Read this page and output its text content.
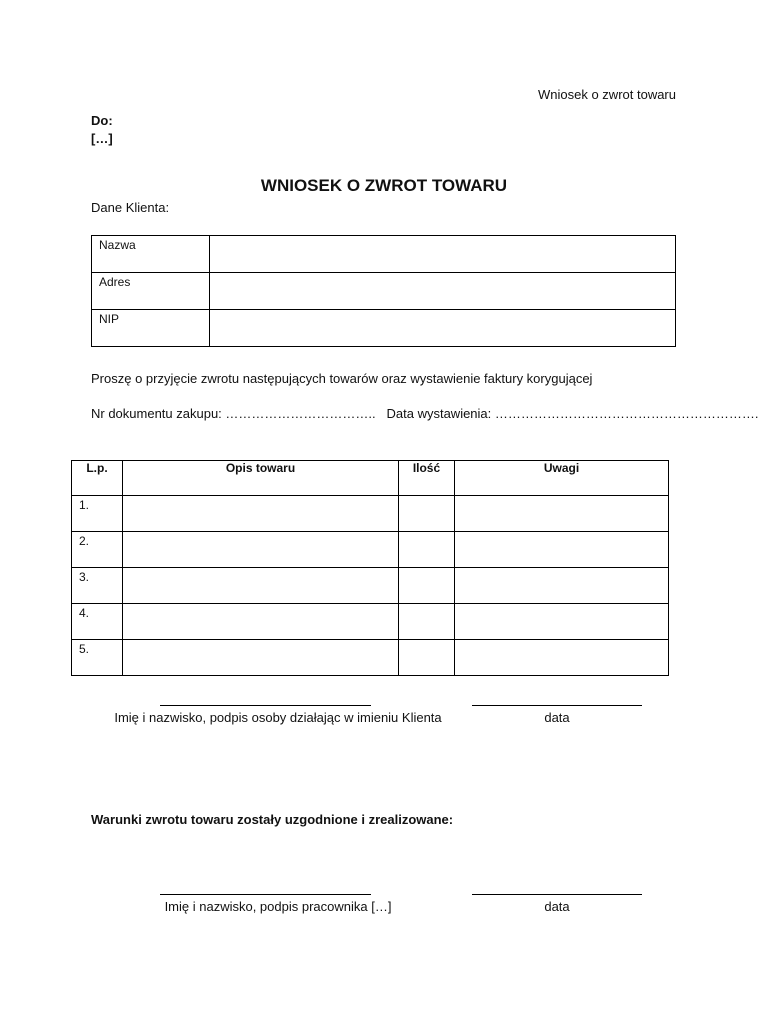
Wniosek o zwrot towaru
Do:
[…]
WNIOSEK O ZWROT TOWARU
Dane Klienta:
Nazwa	
Adres	
NIP	
Proszę o przyjęcie zwrotu następujących towarów oraz wystawienie faktury korygującej
Nr dokumentu zakupu: …………………………….. Data wystawienia: …………………………………………………….
L.p.	Opis towaru	Ilość	Uwagi
1.			
2.			
3.			
4.			
5.			
Imię i nazwisko, podpis osoby działając w imieniu Klienta	data
Warunki zwrotu towaru zostały uzgodnione i zrealizowane:
Imię i nazwisko, podpis pracownika […]	data
